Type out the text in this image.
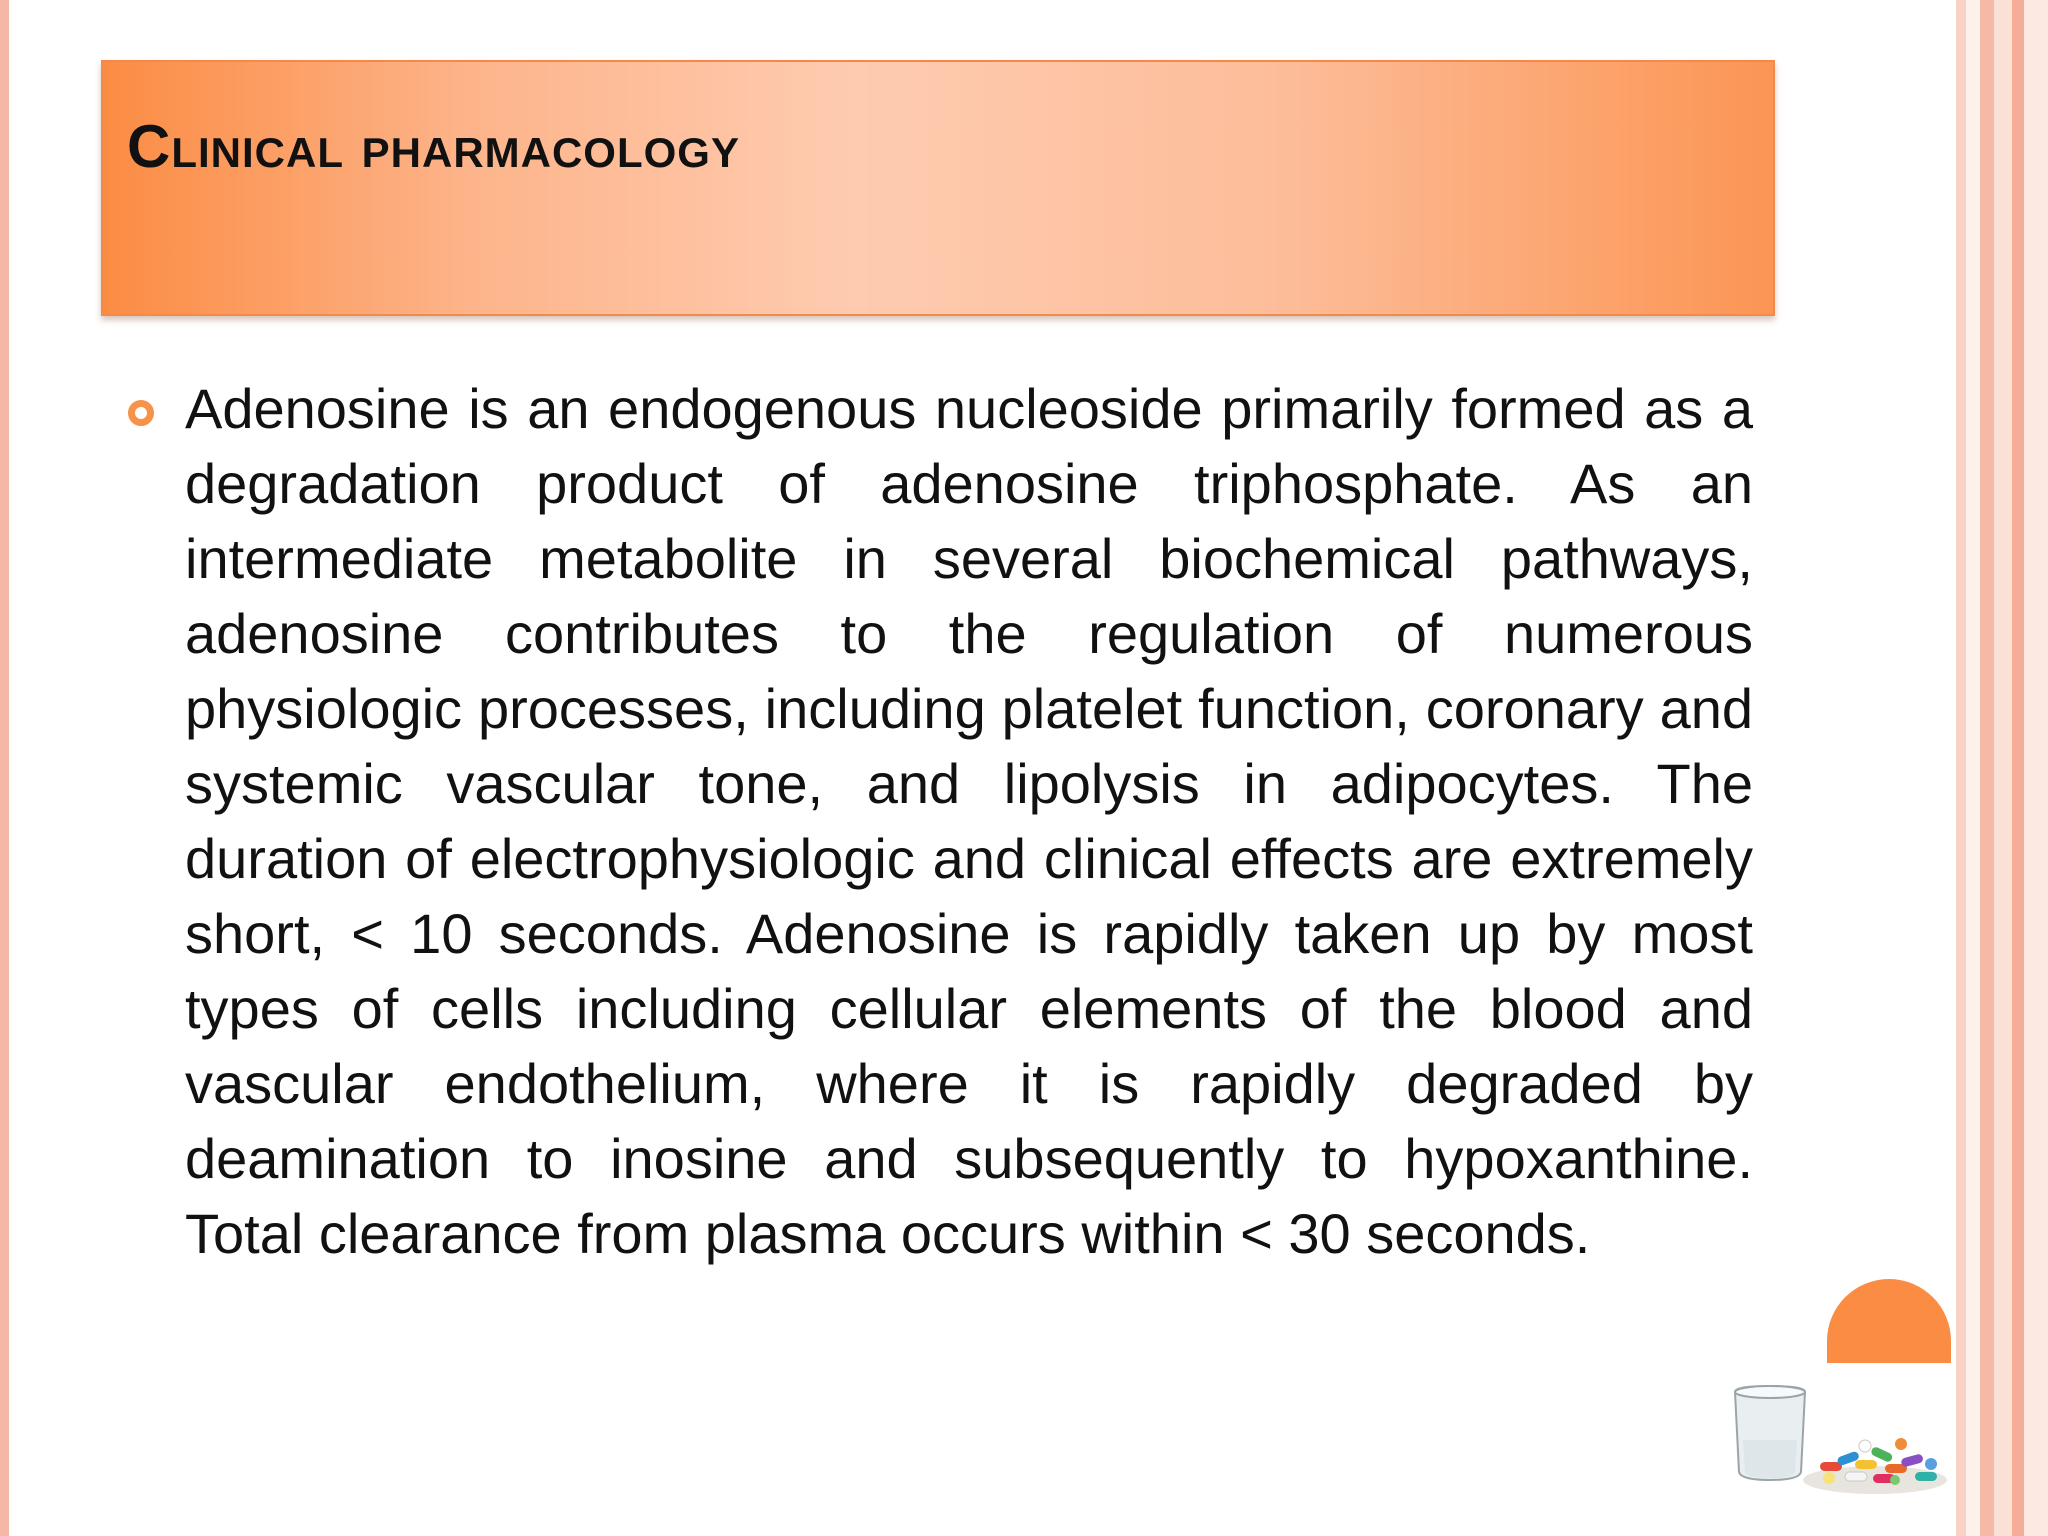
Clinical pharmacology

Adenosine is an endogenous nucleoside primarily formed as a degradation product of adenosine triphosphate. As an intermediate metabolite in several biochemical pathways, adenosine contributes to the regulation of numerous physiologic processes, including platelet function, coronary and systemic vascular tone, and lipolysis in adipocytes. The duration of electrophysiologic and clinical effects are extremely short, < 10 seconds. Adenosine is rapidly taken up by most types of cells including cellular elements of the blood and vascular endothelium, where it is rapidly degraded by deamination to inosine and subsequently to hypoxanthine. Total clearance from plasma occurs within < 30 seconds.
